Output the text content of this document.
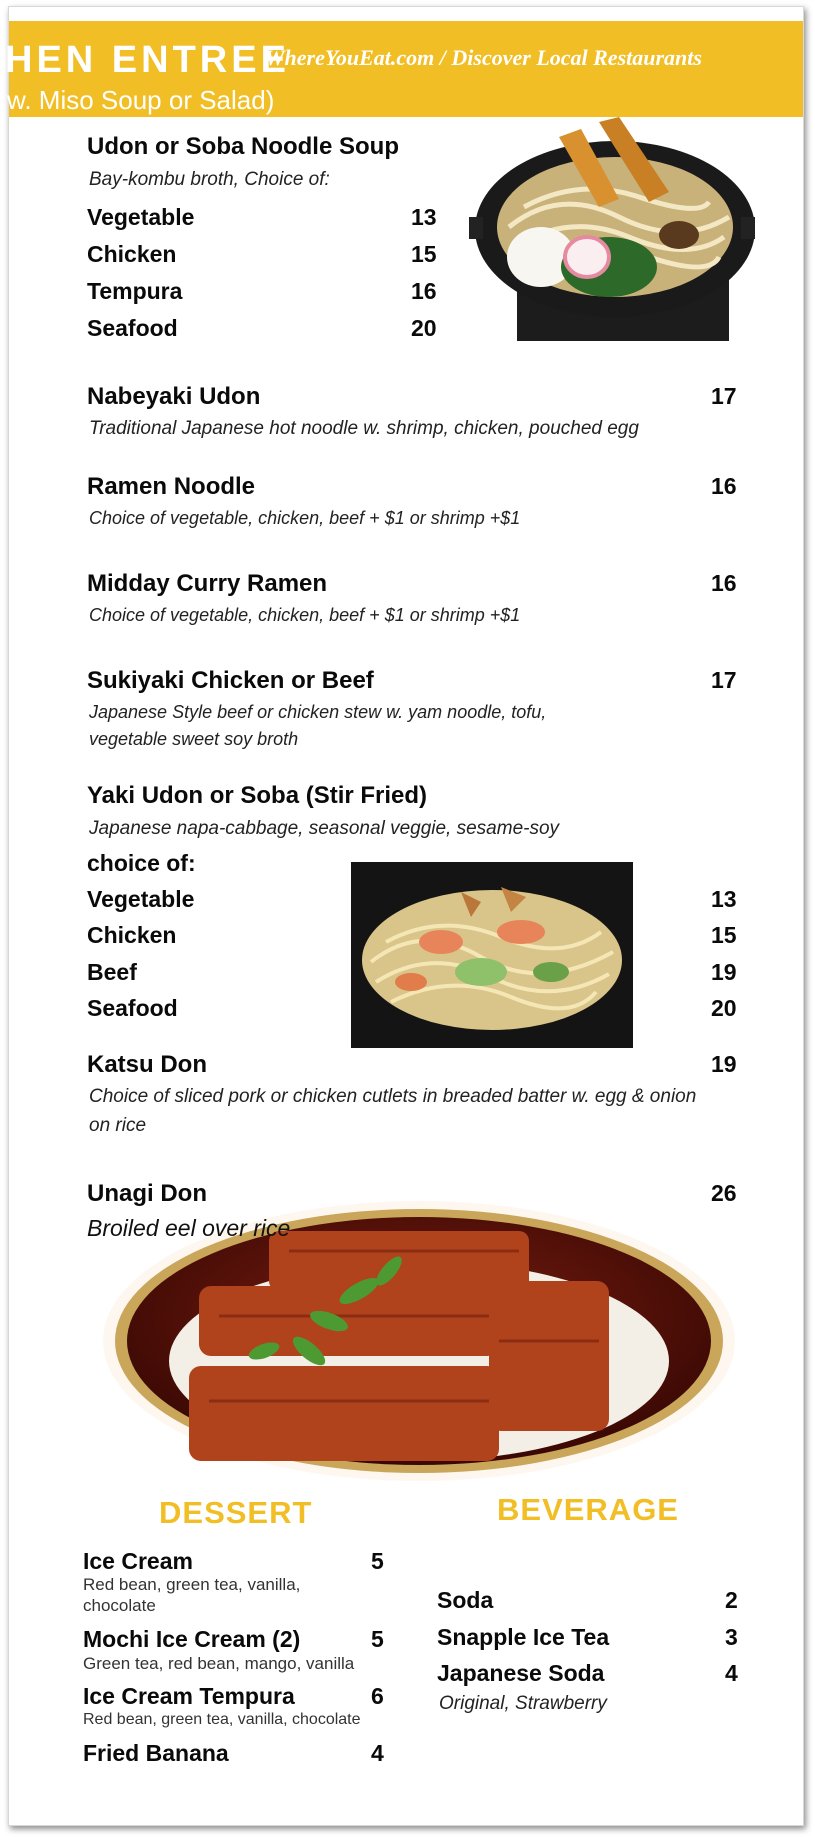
HEN ENTREE
w. Miso Soup or Salad)
WhereYouEat.com / Discover Local Restaurants
Udon or Soba Noodle Soup
Bay-kombu broth, Choice of:
Vegetable	13
Chicken	15
Tempura	16
Seafood	20
Nabeyaki Udon	17
Traditional Japanese hot noodle w. shrimp, chicken, pouched egg
Ramen Noodle	16
Choice of vegetable, chicken, beef + $1 or shrimp +$1
Midday Curry Ramen	16
Choice of vegetable, chicken, beef + $1 or shrimp +$1
Sukiyaki Chicken or Beef	17
Japanese Style beef or chicken stew w. yam noodle, tofu,
vegetable sweet soy broth
Yaki Udon or Soba (Stir Fried)
Japanese napa-cabbage, seasonal veggie, sesame-soy
choice of:
Vegetable	13
Chicken	15
Beef	19
Seafood	20
Katsu Don	19
Choice of sliced pork or chicken cutlets in breaded batter w. egg & onion
on rice
Unagi Don	26
Broiled eel over rice
DESSERT
Ice Cream	5
Red bean, green tea, vanilla,
chocolate
Mochi Ice Cream (2)	5
Green tea, red bean, mango, vanilla
Ice Cream Tempura	6
Red bean, green tea, vanilla, chocolate
Fried Banana	4
BEVERAGE
Soda	2
Snapple Ice Tea	3
Japanese Soda	4
Original, Strawberry
